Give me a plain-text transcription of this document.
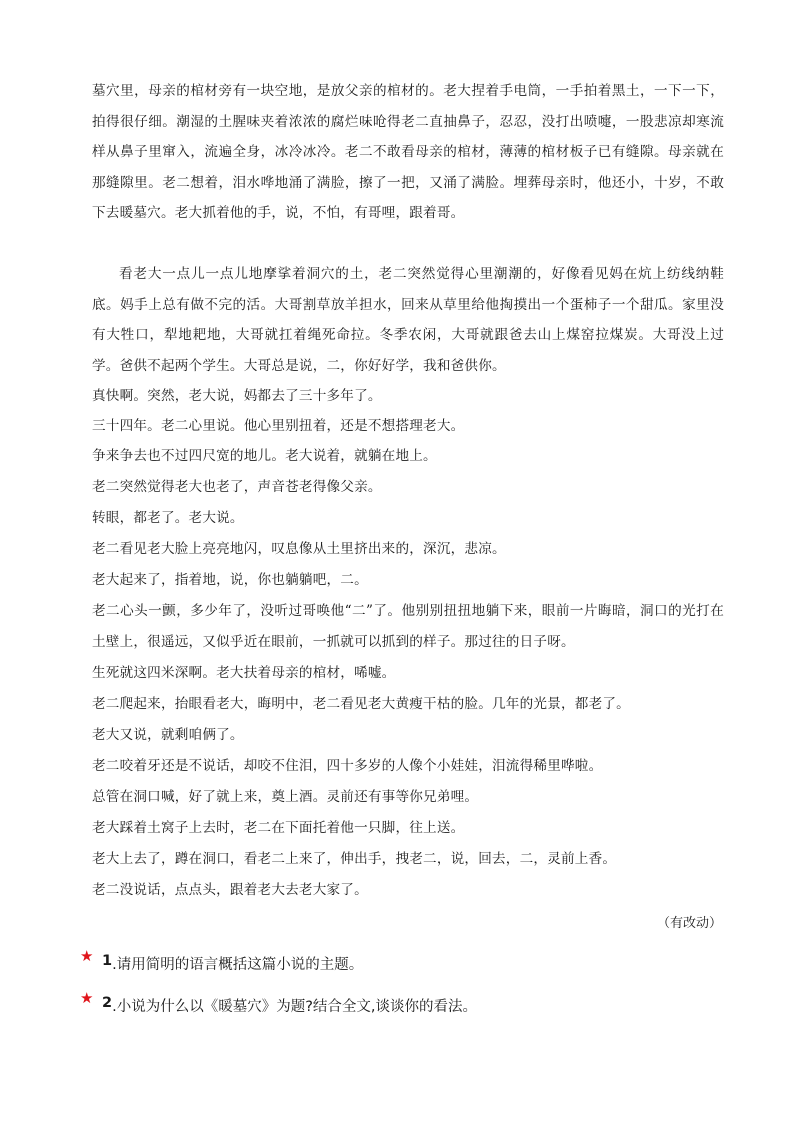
墓穴里，母亲的棺材旁有一块空地，是放父亲的棺材的。老大捏着手电筒，一手拍着黑土，一下一下，拍得很仔细。潮湿的土腥味夹着浓浓的腐烂味呛得老二直抽鼻子，忍忍，没打出喷嚏，一股悲凉却寒流样从鼻子里窜入，流遍全身，冰冷冰冷。老二不敢看母亲的棺材，薄薄的棺材板子已有缝隙。母亲就在那缝隙里。老二想着，泪水哗地涌了满脸，擦了一把，又涌了满脸。埋葬母亲时，他还小，十岁，不敢下去暖墓穴。老大抓着他的手，说，不怕，有哥哩，跟着哥。

看老大一点儿一点儿地摩挲着洞穴的土，老二突然觉得心里潮潮的，好像看见妈在炕上纺线纳鞋底。妈手上总有做不完的活。大哥割草放羊担水，回来从草里给他掏摸出一个蛋柿子一个甜瓜。家里没有大牲口，犁地耙地，大哥就扛着绳死命拉。冬季农闲，大哥就跟爸去山上煤窑拉煤炭。大哥没上过学。爸供不起两个学生。大哥总是说，二，你好好学，我和爸供你。

真快啊。突然，老大说，妈都去了三十多年了。

三十四年。老二心里说。他心里别扭着，还是不想搭理老大。

争来争去也不过四尺宽的地儿。老大说着，就躺在地上。

老二突然觉得老大也老了，声音苍老得像父亲。

转眼，都老了。老大说。

老二看见老大脸上亮亮地闪，叹息像从土里挤出来的，深沉，悲凉。

老大起来了，指着地，说，你也躺躺吧，二。

老二心头一颤，多少年了，没听过哥唤他“二”了。他别别扭扭地躺下来，眼前一片晦暗，洞口的光打在土壁上，很遥远，又似乎近在眼前，一抓就可以抓到的样子。那过往的日子呀。

生死就这四米深啊。老大扶着母亲的棺材，唏嘘。

老二爬起来，抬眼看老大，晦明中，老二看见老大黄瘦干枯的脸。几年的光景，都老了。

老大又说，就剩咱俩了。

老二咬着牙还是不说话，却咬不住泪，四十多岁的人像个小娃娃，泪流得稀里哗啦。

总管在洞口喊，好了就上来，奠上酒。灵前还有事等你兄弟哩。

老大踩着土窝子上去时，老二在下面托着他一只脚，往上送。

老大上去了，蹲在洞口，看老二上来了，伸出手，拽老二，说，回去，二，灵前上香。

老二没说话，点点头，跟着老大去老大家了。

（有改动）

★ 1 .请用简明的语言概括这篇小说的主题。
★ 2 .小说为什么以《暖墓穴》为题?结合全文,谈谈你的看法。
